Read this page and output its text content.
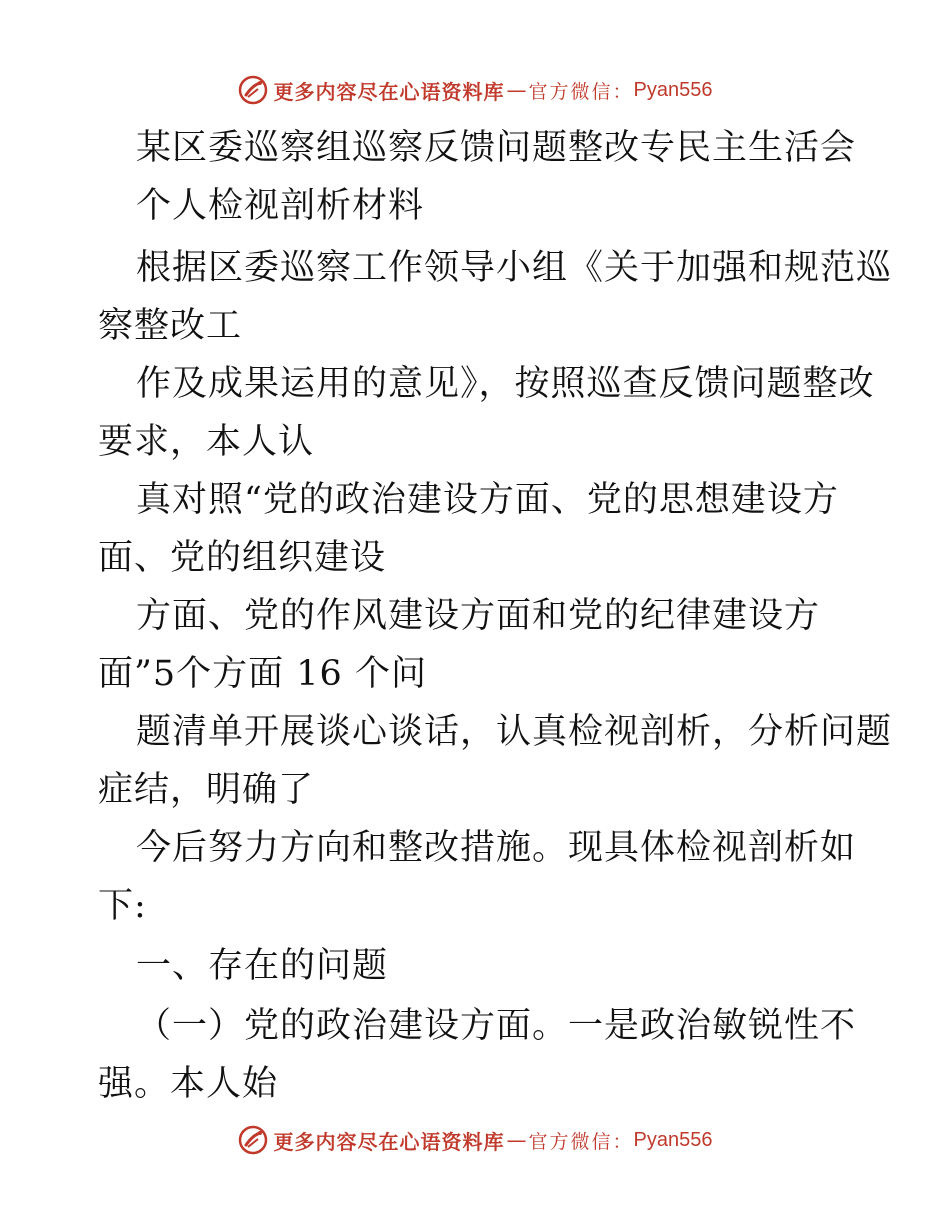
更多内容尽在心语资料库 — 官方微信： Pyan556
某区委巡察组巡察反馈问题整改专民主生活会
个人检视剖析材料
根据区委巡察工作领导小组《关于加强和规范巡
察整改工
作及成果运用的意见》，按照巡查反馈问题整改
要求，本人认
真对照“党的政治建设方面、党的思想建设方
面、党的组织建设
方面、党的作风建设方面和党的纪律建设方
面”5个方面 16 个问
题清单开展谈心谈话，认真检视剖析，分析问题
症结，明确了
今后努力方向和整改措施。现具体检视剖析如
下:
一、存在的问题
（一）党的政治建设方面。一是政治敏锐性不
强。本人始
更多内容尽在心语资料库 — 官方微信： Pyan556
